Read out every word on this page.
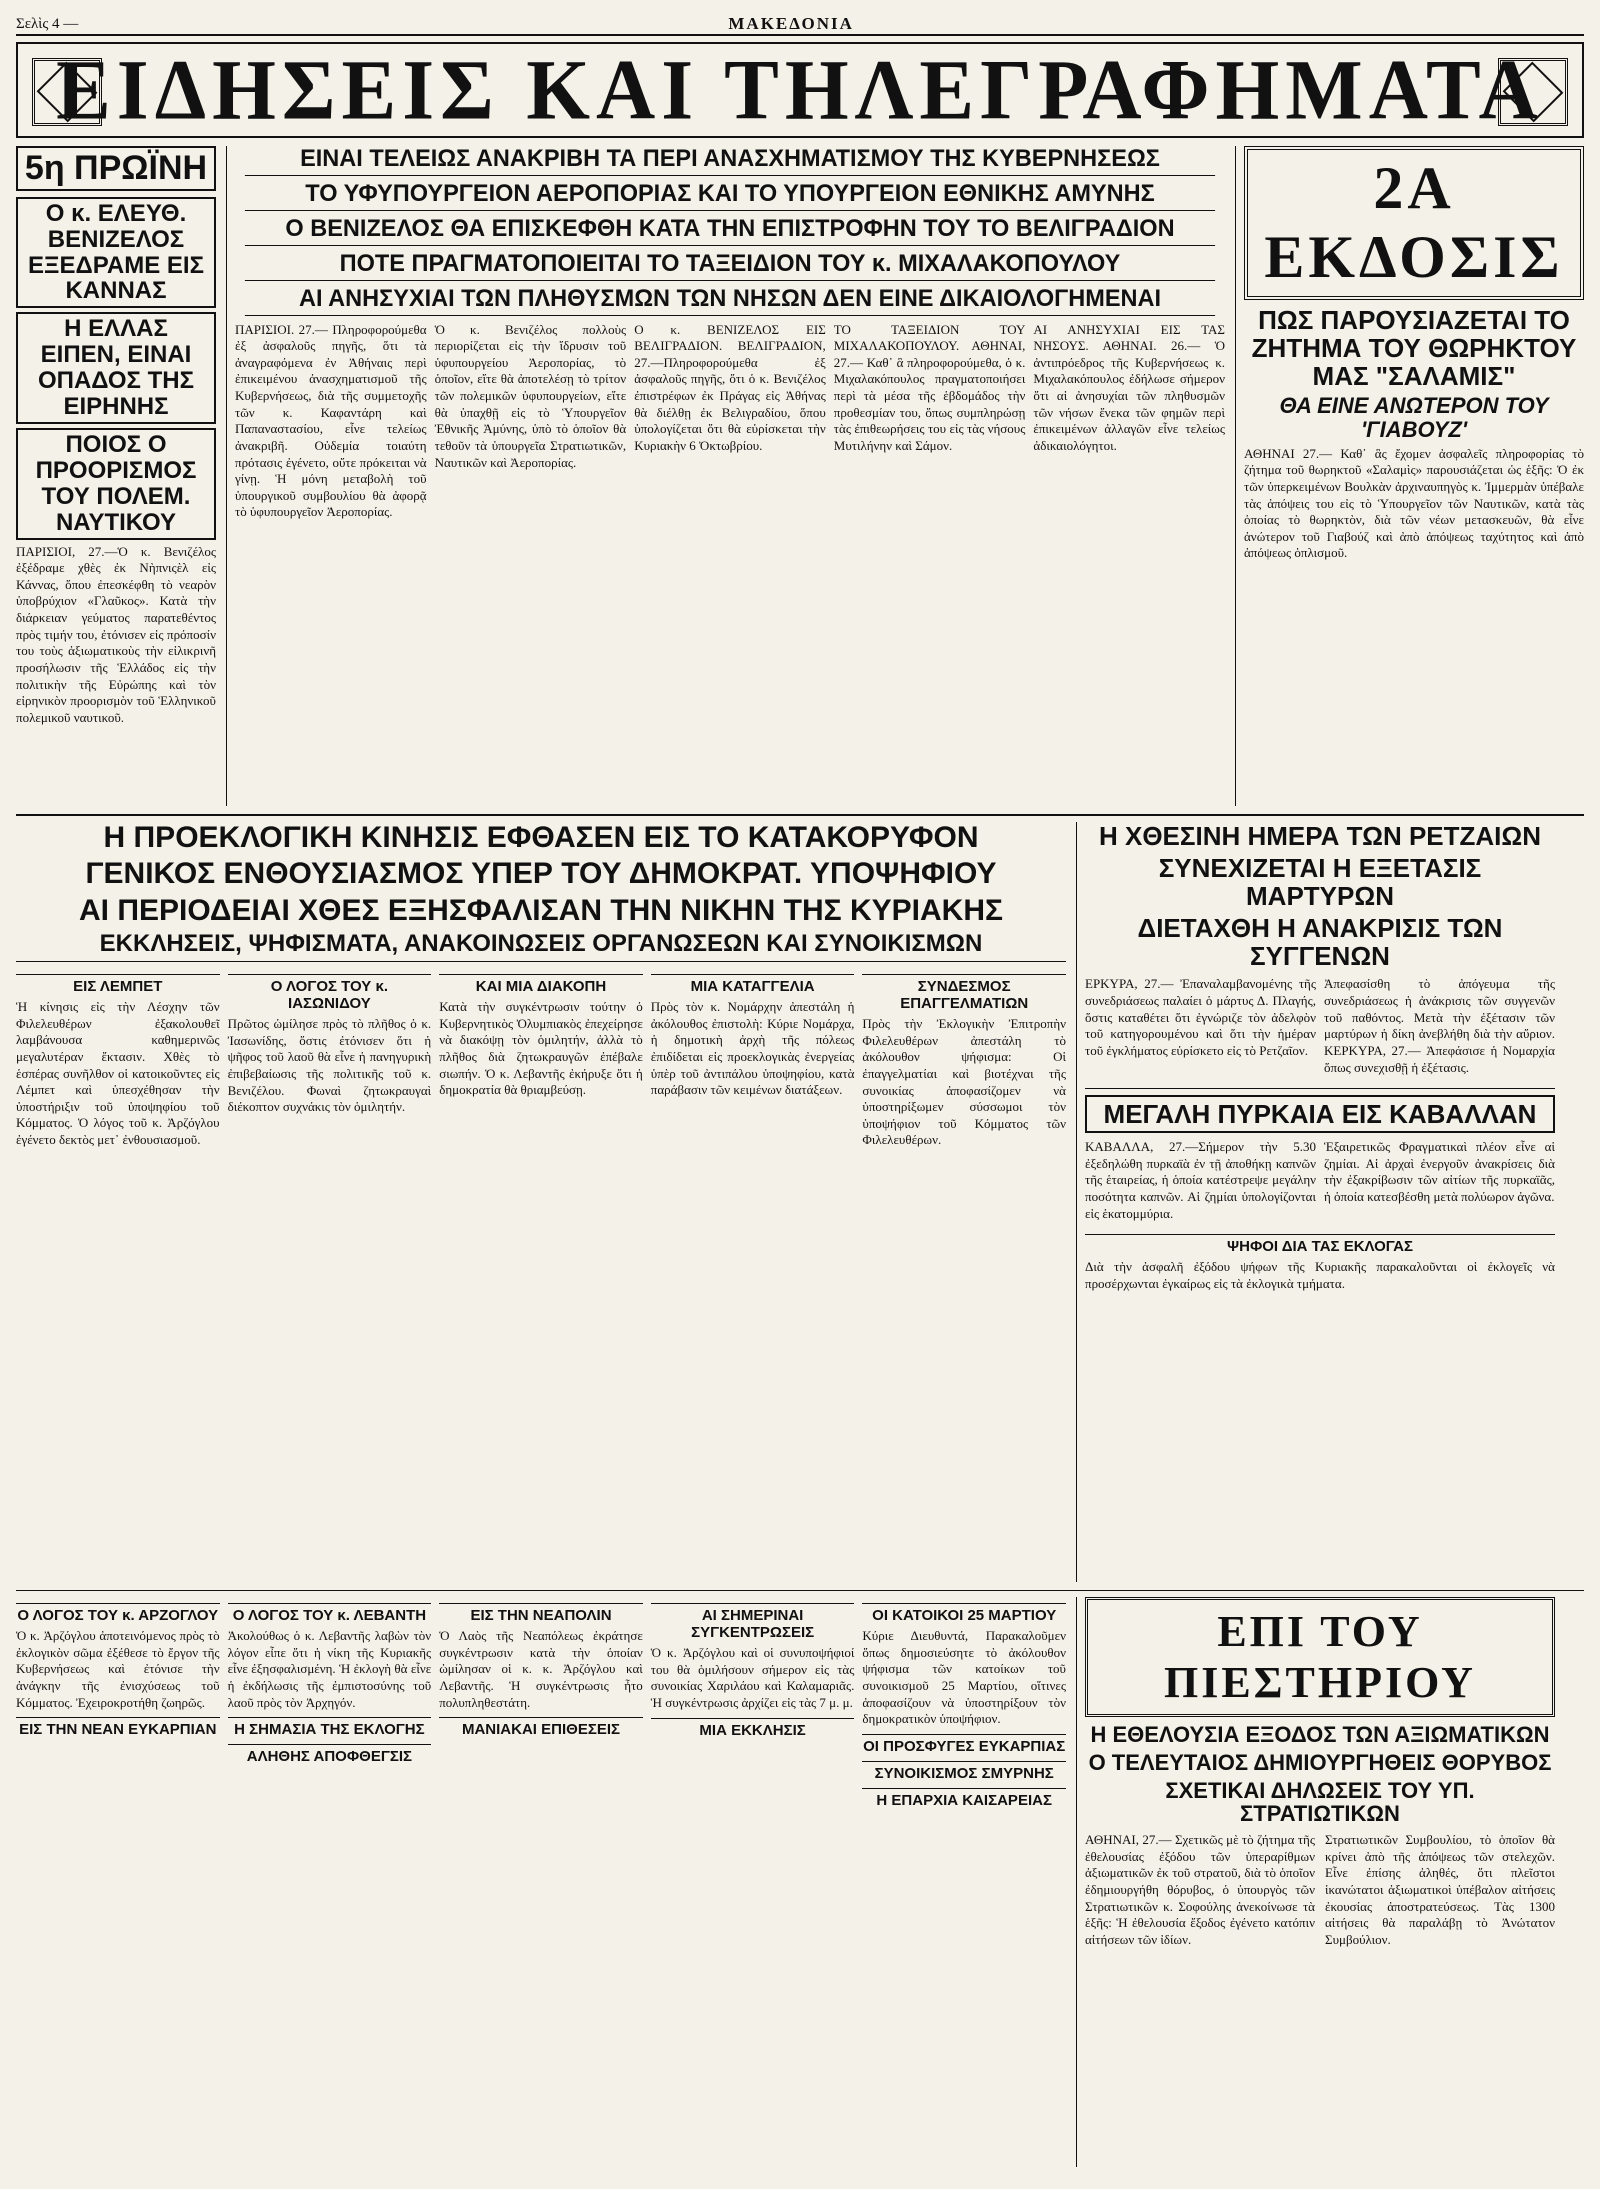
Σελὶς 4 —	ΜΑΚΕΔΟΝΙΑ
ΕΙΔΗΣΕΙΣ ΚΑΙ ΤΗΛΕΓΡΑΦΗΜΑΤΑ
5η ΠΡΩΪΝΗ
Ο κ. ΕΛΕΥΘ. ΒΕΝΙΖΕΛΟΣ ΕΞΕΔΡΑΜΕ ΕΙΣ ΚΑΝΝΑΣ
Η ΕΛΛΑΣ ΕΙΠΕΝ, ΕΙΝΑΙ ΟΠΑΔΟΣ ΤΗΣ ΕΙΡΗΝΗΣ
ΠΟΙΟΣ Ο ΠΡΟΟΡΙΣΜΟΣ ΤΟΥ ΠΟΛΕΜ. ΝΑΥΤΙΚΟΥ

ΠΑΡΙΣΙΟΙ, 27.—Ὁ κ. Βενιζέλος ἐξέδραμε χθὲς ἐκ Νὴπνιςὲλ εἰς Κάννας, ὅπου ἐπεσκέφθη τὸ νεαρὸν ὑποβρύχιον «Γλαῦκος». Κατὰ τὴν διάρκειαν γεύματος παρατεθέντος πρὸς τιμήν του, ἐτόνισεν εἰς πρόποσίν του τοὺς ἀξιωματικοὺς τὴν εἰλικρινῆ προσήλωσιν τῆς Ἑλλάδος εἰς τὴν πολιτικὴν τῆς Εὐρώπης καὶ τὸν εἰρηνικὸν προορισμὸν τοῦ Ἑλληνικοῦ πολεμικοῦ ναυτικοῦ.

ΕΙΝΑΙ ΤΕΛΕΙΩΣ ΑΝΑΚΡΙΒΗ ΤΑ ΠΕΡΙ ΑΝΑΣΧΗΜΑΤΙΣΜΟΥ ΤΗΣ ΚΥΒΕΡΝΗΣΕΩΣ
ΤΟ ΥΦΥΠΟΥΡΓΕΙΟΝ ΑΕΡΟΠΟΡΙΑΣ ΚΑΙ ΤΟ ΥΠΟΥΡΓΕΙΟΝ ΕΘΝΙΚΗΣ ΑΜΥΝΗΣ
Ο ΒΕΝΙΖΕΛΟΣ ΘΑ ΕΠΙΣΚΕΦΘΗ ΚΑΤΑ ΤΗΝ ΕΠΙΣΤΡΟΦΗΝ ΤΟΥ ΤΟ ΒΕΛΙΓΡΑΔΙΟΝ
ΠΟΤΕ ΠΡΑΓΜΑΤΟΠΟΙΕΙΤΑΙ ΤΟ ΤΑΞΕΙΔΙΟΝ ΤΟΥ κ. ΜΙΧΑΛΑΚΟΠΟΥΛΟΥ
ΑΙ ΑΝΗΣΥΧΙΑΙ ΤΩΝ ΠΛΗΘΥΣΜΩΝ ΤΩΝ ΝΗΣΩΝ ΔΕΝ ΕΙΝΕ ΔΙΚΑΙΟΛΟΓΗΜΕΝΑΙ

ΠΑΡΙΣΙΟΙ. 27.— Πληροφορούμεθα ἐξ ἀσφαλοῦς πηγῆς, ὅτι τὰ ἀναγραφόμενα ἐν Ἀθήναις περὶ ἐπικειμένου ἀνασχηματισμοῦ τῆς Κυβερνήσεως, διὰ τῆς συμμετοχῆς τῶν κ. Καφαντάρη καὶ Παπαναστασίου, εἶνε τελείως ἀνακριβῆ. Οὐδεμία τοιαύτη πρότασις ἐγένετο, οὔτε πρόκειται νὰ γίνῃ. Ἡ μόνη μεταβολὴ τοῦ ὑπουργικοῦ συμβουλίου θὰ ἀφορᾷ τὸ ὑφυπουργεῖον Ἀεροπορίας.

Ὁ κ. Βενιζέλος πολλοὺς περιορίζεται εἰς τὴν ἵδρυσιν τοῦ ὑφυπουργείου Ἀεροπορίας, τὸ ὁποῖον, εἴτε θὰ ἀποτελέσῃ τὸ τρίτον τῶν πολεμικῶν ὑφυπουργείων, εἴτε θὰ ὑπαχθῇ εἰς τὸ Ὑπουργεῖον Ἐθνικῆς Ἀμύνης, ὑπὸ τὸ ὁποῖον θὰ τεθοῦν τὰ ὑπουργεῖα Στρατιωτικῶν, Ναυτικῶν καὶ Ἀεροπορίας.

Ο κ. ΒΕΝΙΖΕΛΟΣ ΕΙΣ ΒΕΛΙΓΡΑΔΙΟΝ. ΒΕΛΙΓΡΑΔΙΟΝ, 27.—Πληροφορούμεθα ἐξ ἀσφαλοῦς πηγῆς, ὅτι ὁ κ. Βενιζέλος ἐπιστρέφων ἐκ Πράγας εἰς Ἀθήνας θὰ διέλθῃ ἐκ Βελιγραδίου, ὅπου ὑπολογίζεται ὅτι θὰ εὑρίσκεται τὴν Κυριακὴν 6 Ὀκτωβρίου.

ΤΟ ΤΑΞΕΙΔΙΟΝ ΤΟΥ ΜΙΧΑΛΑΚΟΠΟΥΛΟΥ. ΑΘΗΝΑΙ, 27.— Καθ᾽ ἃ πληροφορούμεθα, ὁ κ. Μιχαλακόπουλος πραγματοποιήσει περὶ τὰ μέσα τῆς ἑβδομάδος τὴν προθεσμίαν του, ὅπως συμπληρώσῃ τὰς ἐπιθεωρήσεις του εἰς τὰς νήσους Μυτιλήνην καὶ Σάμον.

ΑΙ ΑΝΗΣΥΧΙΑΙ ΕΙΣ ΤΑΣ ΝΗΣΟΥΣ. ΑΘΗΝΑΙ. 26.— Ὁ ἀντιπρόεδρος τῆς Κυβερνήσεως κ. Μιχαλακόπουλος ἐδήλωσε σήμερον ὅτι αἱ ἀνησυχίαι τῶν πληθυσμῶν τῶν νήσων ἕνεκα τῶν φημῶν περὶ ἐπικειμένων ἀλλαγῶν εἶνε τελείως ἀδικαιολόγητοι.

2Α ΕΚΔΟΣΙΣ
ΠΩΣ ΠΑΡΟΥΣΙΑΖΕΤΑΙ ΤΟ ΖΗΤΗΜΑ ΤΟΥ ΘΩΡΗΚΤΟΥ ΜΑΣ "ΣΑΛΑΜΙΣ"
ΘΑ ΕΙΝΕ ΑΝΩΤΕΡΟΝ ΤΟΥ 'ΓΙΑΒΟΥΖ'

ΑΘΗΝΑΙ 27.— Καθ᾽ ἃς ἔχομεν ἀσφαλεῖς πληροφορίας τὸ ζήτημα τοῦ θωρηκτοῦ «Σαλαμὶς» παρουσιάζεται ὡς ἑξῆς: Ὁ ἐκ τῶν ὑπερκειμένων Βουλκὰν ἀρχιναυπηγὸς κ. Ἰμμερμὰν ὑπέβαλε τὰς ἀπόψεις του εἰς τὸ Ὑπουργεῖον τῶν Ναυτικῶν, κατὰ τὰς ὁποίας τὸ θωρηκτὸν, διὰ τῶν νέων μετασκευῶν, θὰ εἶνε ἀνώτερον τοῦ Γιαβούζ καὶ ἀπὸ ἀπόψεως ταχύτητος καὶ ἀπὸ ἀπόψεως ὁπλισμοῦ.

Η ΠΡΟΕΚΛΟΓΙΚΗ ΚΙΝΗΣΙΣ ΕΦΘΑΣΕΝ ΕΙΣ ΤΟ ΚΑΤΑΚΟΡΥΦΟΝ
ΓΕΝΙΚΟΣ ΕΝΘΟΥΣΙΑΣΜΟΣ ΥΠΕΡ ΤΟΥ ΔΗΜΟΚΡΑΤ. ΥΠΟΨΗΦΙΟΥ
ΑΙ ΠΕΡΙΟΔΕΙΑΙ ΧΘΕΣ ΕΞΗΣΦΑΛΙΣΑΝ ΤΗΝ ΝΙΚΗΝ ΤΗΣ ΚΥΡΙΑΚΗΣ
ΕΚΚΛΗΣΕΙΣ, ΨΗΦΙΣΜΑΤΑ, ΑΝΑΚΟΙΝΩΣΕΙΣ ΟΡΓΑΝΩΣΕΩΝ ΚΑΙ ΣΥΝΟΙΚΙΣΜΩΝ
ΕΙΣ ΛΕΜΠΕΤ

Ἡ κίνησις εἰς τὴν Λέσχην τῶν Φιλελευθέρων ἐξακολουθεῖ λαμβάνουσα καθημερινῶς μεγαλυτέραν ἔκτασιν. Χθὲς τὸ ἑσπέρας συνῆλθον οἱ κατοικοῦντες εἰς Λέμπετ καὶ ὑπεσχέθησαν τὴν ὑποστήριξιν τοῦ ὑποψηφίου τοῦ Κόμματος. Ὁ λόγος τοῦ κ. Ἀρζόγλου ἐγένετο δεκτὸς μετ᾽ ἐνθουσιασμοῦ.

Ο ΛΟΓΟΣ ΤΟΥ κ. ΙΑΣΩΝΙΔΟΥ

Πρῶτος ὡμίλησε πρὸς τὸ πλῆθος ὁ κ. Ἰασωνίδης, ὅστις ἐτόνισεν ὅτι ἡ ψῆφος τοῦ λαοῦ θὰ εἶνε ἡ πανηγυρικὴ ἐπιβεβαίωσις τῆς πολιτικῆς τοῦ κ. Βενιζέλου. Φωναὶ ζητωκραυγαὶ διέκοπτον συχνάκις τὸν ὁμιλητήν.

ΚΑΙ ΜΙΑ ΔΙΑΚΟΠΗ

Κατὰ τὴν συγκέντρωσιν τούτην ὁ Κυβερνητικὸς Ὀλυμπιακὸς ἐπεχείρησε νὰ διακόψῃ τὸν ὁμιλητήν, ἀλλὰ τὸ πλῆθος διὰ ζητωκραυγῶν ἐπέβαλε σιωπήν. Ὁ κ. Λεβαντῆς ἐκήρυξε ὅτι ἡ δημοκρατία θὰ θριαμβεύσῃ.

ΜΙΑ ΚΑΤΑΓΓΕΛΙΑ

Πρὸς τὸν κ. Νομάρχην ἀπεστάλη ἡ ἀκόλουθος ἐπιστολὴ: Κύριε Νομάρχα, ἡ δημοτικὴ ἀρχὴ τῆς πόλεως ἐπιδίδεται εἰς προεκλογικὰς ἐνεργείας ὑπὲρ τοῦ ἀντιπάλου ὑποψηφίου, κατὰ παράβασιν τῶν κειμένων διατάξεων.

ΣΥΝΔΕΣΜΟΣ ΕΠΑΓΓΕΛΜΑΤΙΩΝ

Πρὸς τὴν Ἐκλογικὴν Ἐπιτροπὴν Φιλελευθέρων ἀπεστάλη τὸ ἀκόλουθον ψήφισμα: Οἱ ἐπαγγελματίαι καὶ βιοτέχναι τῆς συνοικίας ἀποφασίζομεν νὰ ὑποστηρίξωμεν σύσσωμοι τὸν ὑποψήφιον τοῦ Κόμματος τῶν Φιλελευθέρων.

Η ΧΘΕΣΙΝΗ ΗΜΕΡΑ ΤΩΝ ΡΕΤΖΑΙΩΝ
ΣΥΝΕΧΙΖΕΤΑΙ Η ΕΞΕΤΑΣΙΣ ΜΑΡΤΥΡΩΝ
ΔΙΕΤΑΧΘΗ Η ΑΝΑΚΡΙΣΙΣ ΤΩΝ ΣΥΓΓΕΝΩΝ

ΕΡΚΥΡΑ, 27.— Ἐπαναλαμβανομένης τῆς συνεδριάσεως παλαίει ὁ μάρτυς Δ. Πλαγής, ὅστις καταθέτει ὅτι ἐγνώριζε τὸν ἀδελφὸν τοῦ κατηγορουμένου καὶ ὅτι τὴν ἡμέραν τοῦ ἐγκλήματος εὑρίσκετο εἰς τὸ Ρετζαῖον.

Ἀπεφασίσθη τὸ ἀπόγευμα τῆς συνεδριάσεως ἡ ἀνάκρισις τῶν συγγενῶν τοῦ παθόντος. Μετὰ τὴν ἐξέτασιν τῶν μαρτύρων ἡ δίκη ἀνεβλήθη διὰ τὴν αὔριον. ΚΕΡΚΥΡΑ, 27.— Ἀπεφάσισε ἡ Νομαρχία ὅπως συνεχισθῇ ἡ ἐξέτασις.

ΜΕΓΑΛΗ ΠΥΡΚΑΙΑ ΕΙΣ ΚΑΒΑΛΛΑΝ

ΚΑΒΑΛΛΑ, 27.—Σήμερον τὴν 5.30 ἐξεδηλώθη πυρκαϊὰ ἐν τῇ ἀποθήκῃ καπνῶν τῆς ἑταιρείας, ἡ ὁποία κατέστρεψε μεγάλην ποσότητα καπνῶν. Αἱ ζημίαι ὑπολογίζονται εἰς ἑκατομμύρια.

Ἑξαιρετικῶς Φραγματικαὶ πλέον εἶνε αἱ ζημίαι. Αἱ ἀρχαὶ ἐνεργοῦν ἀνακρίσεις διὰ τὴν ἐξακρίβωσιν τῶν αἰτίων τῆς πυρκαϊᾶς, ἡ ὁποία κατεσβέσθη μετὰ πολύωρον ἀγῶνα.

ΨΗΦΟΙ ΔΙΑ ΤΑΣ ΕΚΛΟΓΑΣ

Διὰ τὴν ἀσφαλῆ ἐξόδου ψήφων τῆς Κυριακῆς παρακαλοῦνται οἱ ἐκλογεῖς νὰ προσέρχωνται ἐγκαίρως εἰς τὰ ἐκλογικὰ τμήματα.

Ο ΛΟΓΟΣ ΤΟΥ κ. ΑΡΖΟΓΛΟΥ

Ὁ κ. Ἀρζόγλου ἀποτεινόμενος πρὸς τὸ ἐκλογικὸν σῶμα ἐξέθεσε τὸ ἔργον τῆς Κυβερνήσεως καὶ ἐτόνισε τὴν ἀνάγκην τῆς ἐνισχύσεως τοῦ Κόμματος. Ἐχειροκροτήθη ζωηρῶς.

ΕΙΣ ΤΗΝ ΝΕΑΝ ΕΥΚΑΡΠΙΑΝ
Ο ΛΟΓΟΣ ΤΟΥ κ. ΛΕΒΑΝΤΗ

Ἀκολούθως ὁ κ. Λεβαντῆς λαβὼν τὸν λόγον εἶπε ὅτι ἡ νίκη τῆς Κυριακῆς εἶνε ἐξησφαλισμένη. Ἡ ἐκλογὴ θὰ εἶνε ἡ ἐκδήλωσις τῆς ἐμπιστοσύνης τοῦ λαοῦ πρὸς τὸν Ἀρχηγόν.

Η ΣΗΜΑΣΙΑ ΤΗΣ ΕΚΛΟΓΗΣ
ΑΛΗΘΗΣ ΑΠΟΦΘΕΓΣΙΣ
ΕΙΣ ΤΗΝ ΝΕΑΠΟΛΙΝ

Ὁ Λαὸς τῆς Νεαπόλεως ἐκράτησε συγκέντρωσιν κατὰ τὴν ὁποίαν ὡμίλησαν οἱ κ. κ. Ἀρζόγλου καὶ Λεβαντῆς. Ἡ συγκέντρωσις ἦτο πολυπληθεστάτη.

ΜΑΝΙΑΚΑΙ ΕΠΙΘΕΣΕΙΣ
ΑΙ ΣΗΜΕΡΙΝΑΙ ΣΥΓΚΕΝΤΡΩΣΕΙΣ

Ὁ κ. Ἀρζόγλου καὶ οἱ συνυποψήφιοί του θὰ ὁμιλήσουν σήμερον εἰς τὰς συνοικίας Χαριλάου καὶ Καλαμαριᾶς. Ἡ συγκέντρωσις ἀρχίζει εἰς τὰς 7 μ. μ.

ΜΙΑ ΕΚΚΛΗΣΙΣ
ΟΙ ΚΑΤΟΙΚΟΙ 25 ΜΑΡΤΙΟΥ

Κύριε Διευθυντά, Παρακαλοῦμεν ὅπως δημοσιεύσητε τὸ ἀκόλουθον ψήφισμα τῶν κατοίκων τοῦ συνοικισμοῦ 25 Μαρτίου, οἵτινες ἀποφασίζουν νὰ ὑποστηρίξουν τὸν δημοκρατικὸν ὑποψήφιον.

ΟΙ ΠΡΟΣΦΥΓΕΣ ΕΥΚΑΡΠΙΑΣ
ΣΥΝΟΙΚΙΣΜΟΣ ΣΜΥΡΝΗΣ
Η ΕΠΑΡΧΙΑ ΚΑΙΣΑΡΕΙΑΣ
ΕΠΙ ΤΟΥ ΠΙΕΣΤΗΡΙΟΥ
Η ΕΘΕΛΟΥΣΙΑ ΕΞΟΔΟΣ ΤΩΝ ΑΞΙΩΜΑΤΙΚΩΝ
Ο ΤΕΛΕΥΤΑΙΟΣ ΔΗΜΙΟΥΡΓΗΘΕΙΣ ΘΟΡΥΒΟΣ
ΣΧΕΤΙΚΑΙ ΔΗΛΩΣΕΙΣ ΤΟΥ ΥΠ. ΣΤΡΑΤΙΩΤΙΚΩΝ

ΑΘΗΝΑΙ, 27.— Σχετικῶς μὲ τὸ ζήτημα τῆς ἐθελουσίας ἐξόδου τῶν ὑπεραρίθμων ἀξιωματικῶν ἐκ τοῦ στρατοῦ, διὰ τὸ ὁποῖον ἐδημιουργήθη θόρυβος, ὁ ὑπουργὸς τῶν Στρατιωτικῶν κ. Σοφούλης ἀνεκοίνωσε τὰ ἑξῆς: Ἡ ἐθελουσία ἔξοδος ἐγένετο κατόπιν αἰτήσεων τῶν ἰδίων.

Στρατιωτικῶν Συμβουλίου, τὸ ὁποῖον θὰ κρίνει ἀπὸ τῆς ἀπόψεως τῶν στελεχῶν. Εἶνε ἐπίσης ἀληθές, ὅτι πλεῖστοι ἱκανώτατοι ἀξιωματικοὶ ὑπέβαλον αἰτήσεις ἐκουσίας ἀποστρατεύσεως. Τὰς 1300 αἰτήσεις θὰ παραλάβῃ τὸ Ἀνώτατον Συμβούλιον.
